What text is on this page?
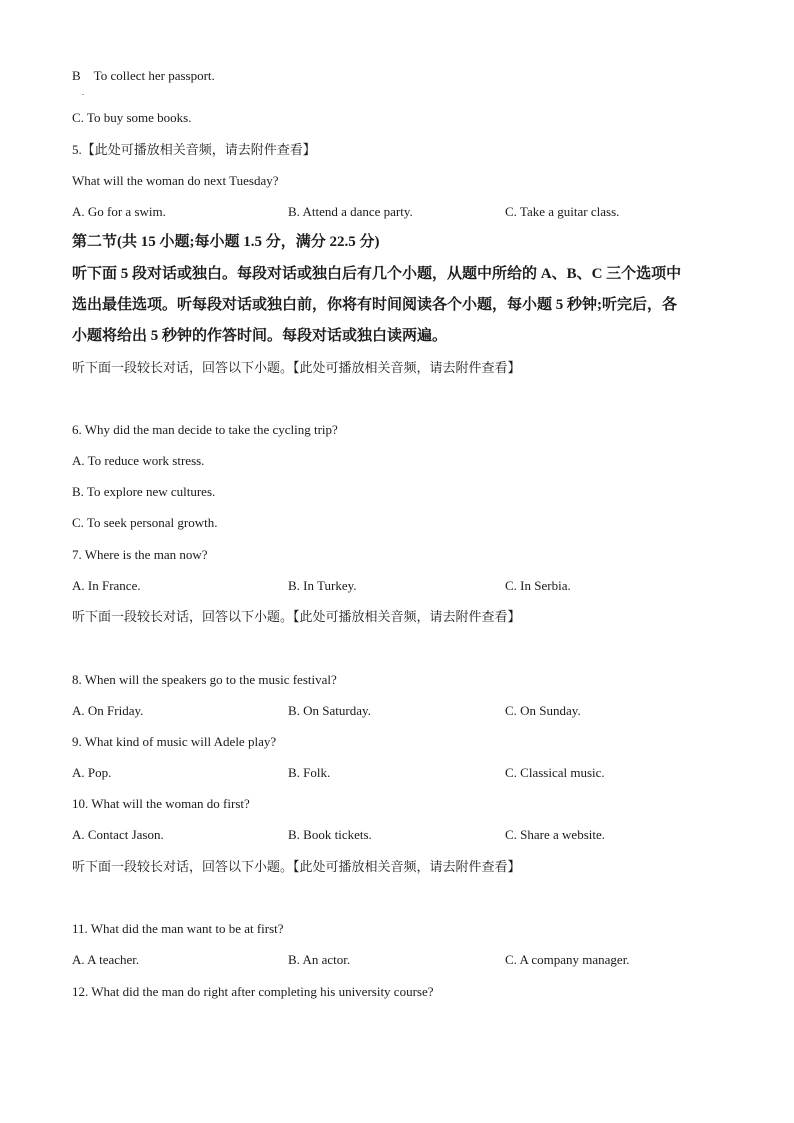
B　To collect her passport.
.
C. To buy some books.
5.【此处可播放相关音频，请去附件查看】
What will the woman do next Tuesday?
A. Go for a swim.	B. Attend a dance party.	C. Take a guitar class.
第二节(共 15 小题;每小题 1.5 分，满分 22.5 分)
听下面 5 段对话或独白。每段对话或独白后有几个小题，从题中所给的 A、B、C 三个选项中
选出最佳选项。听每段对话或独白前，你将有时间阅读各个小题，每小题 5 秒钟;听完后，各
小题将给出 5 秒钟的作答时间。每段对话或独白读两遍。
听下面一段较长对话，回答以下小题。【此处可播放相关音频，请去附件查看】
6. Why did the man decide to take the cycling trip?
A. To reduce work stress.
B. To explore new cultures.
C. To seek personal growth.
7. Where is the man now?
A. In France.	B. In Turkey.	C. In Serbia.
听下面一段较长对话，回答以下小题。【此处可播放相关音频，请去附件查看】
8. When will the speakers go to the music festival?
A. On Friday.	B. On Saturday.	C. On Sunday.
9. What kind of music will Adele play?
A. Pop.	B. Folk.	C. Classical music.
10. What will the woman do first?
A. Contact Jason.	B. Book tickets.	C. Share a website.
听下面一段较长对话，回答以下小题。【此处可播放相关音频，请去附件查看】
11. What did the man want to be at first?
A. A teacher.	B. An actor.	C. A company manager.
12. What did the man do right after completing his university course?
